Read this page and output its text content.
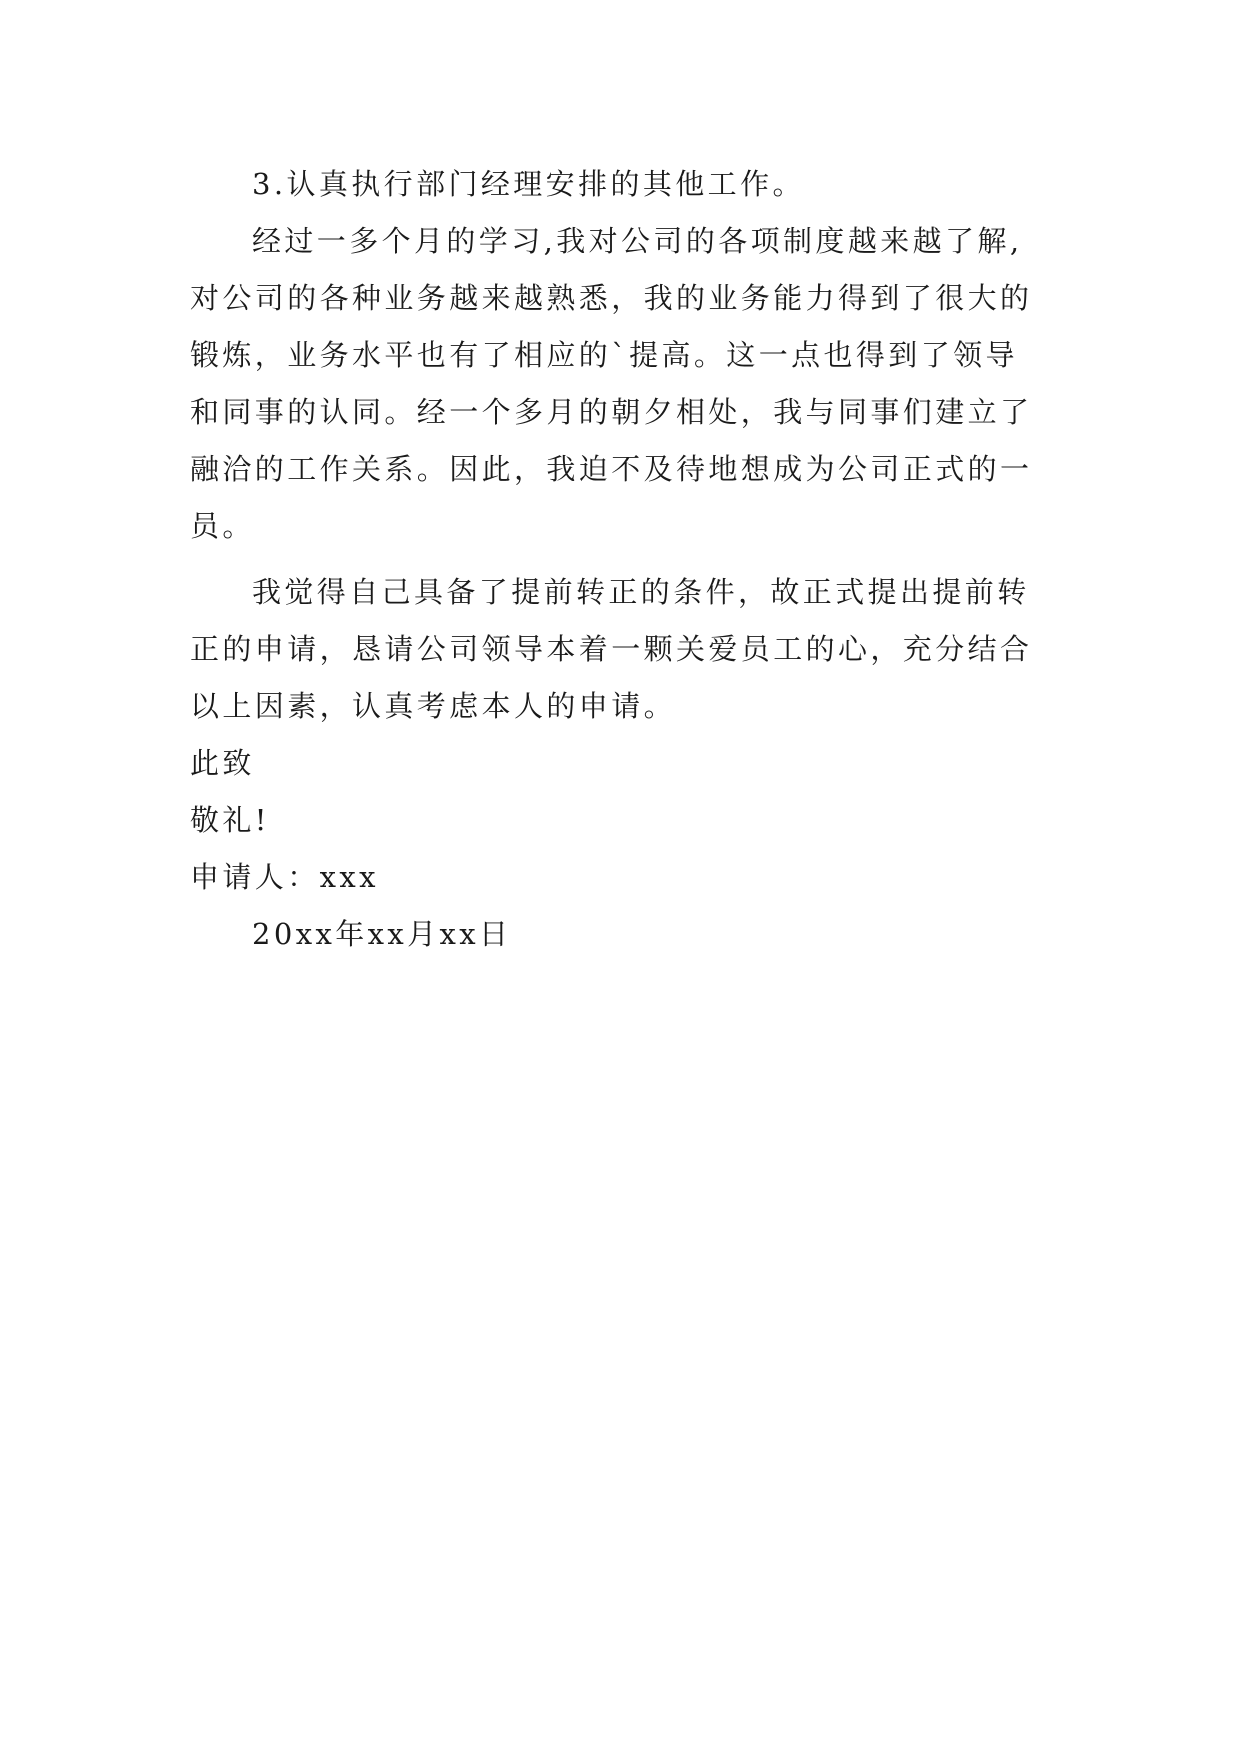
3.认真执行部门经理安排的其他工作。
经过一多个月的学习,我对公司的各项制度越来越了解,
对公司的各种业务越来越熟悉，我的业务能力得到了很大的
锻炼，业务水平也有了相应的`提高。这一点也得到了领导
和同事的认同。经一个多月的朝夕相处，我与同事们建立了
融洽的工作关系。因此，我迫不及待地想成为公司正式的一
员。
我觉得自己具备了提前转正的条件，故正式提出提前转
正的申请，恳请公司领导本着一颗关爱员工的心，充分结合
以上因素，认真考虑本人的申请。
此致
敬礼!
申请人：xxx
20xx年xx月xx日
